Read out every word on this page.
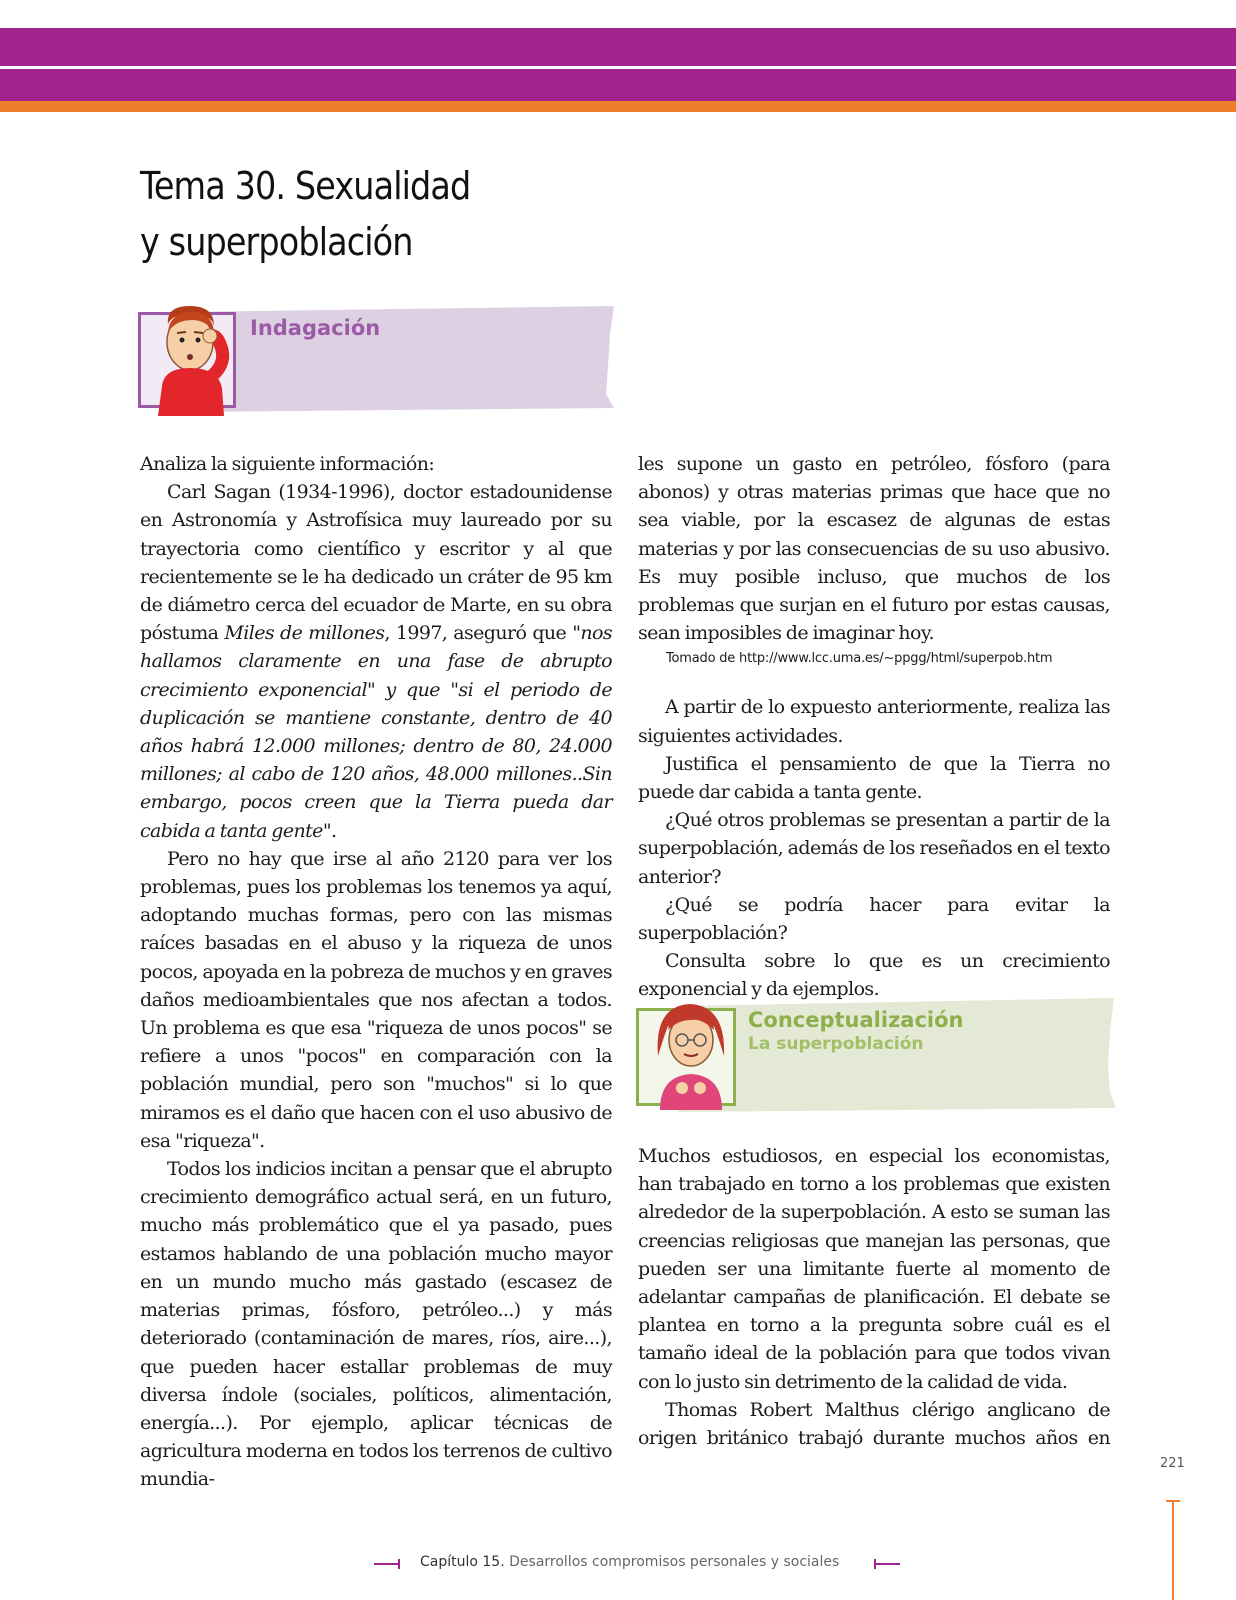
Tema 30. Sexualidad
y superpoblación
Indagación

Analiza la siguiente información:

Carl Sagan (1934-1996), doctor estadounidense en Astronomía y Astrofísica muy laureado por su trayectoria como científico y escritor y al que recientemente se le ha dedicado un cráter de 95 km de diámetro cerca del ecuador de Marte, en su obra póstuma Miles de millones, 1997, aseguró que "nos hallamos claramente en una fase de abrupto crecimiento exponencial" y que "si el periodo de duplicación se mantiene constante, dentro de 40 años habrá 12.000 millones; dentro de 80, 24.000 millones; al cabo de 120 años, 48.000 millones..Sin embargo, pocos creen que la Tierra pueda dar cabida a tanta gente".

Pero no hay que irse al año 2120 para ver los problemas, pues los problemas los tenemos ya aquí, adoptando muchas formas, pero con las mismas raíces basadas en el abuso y la riqueza de unos pocos, apoyada en la pobreza de muchos y en graves daños medioambientales que nos afectan a todos. Un problema es que esa "riqueza de unos pocos" se refiere a unos "pocos" en comparación con la población mundial, pero son "muchos" si lo que miramos es el daño que hacen con el uso abusivo de esa "riqueza".

Todos los indicios incitan a pensar que el abrupto crecimiento demográfico actual será, en un futuro, mucho más problemático que el ya pasado, pues estamos hablando de una población mucho mayor en un mundo mucho más gastado (escasez de materias primas, fósforo, petróleo...) y más deteriorado (contaminación de mares, ríos, aire...), que pueden hacer estallar problemas de muy diversa índole (sociales, políticos, alimentación, energía...). Por ejemplo, aplicar técnicas de agricultura moderna en todos los terrenos de cultivo mundia-

les supone un gasto en petróleo, fósforo (para abonos) y otras materias primas que hace que no sea viable, por la escasez de algunas de estas materias y por las consecuencias de su uso abusivo. Es muy posible incluso, que muchos de los problemas que surjan en el futuro por estas causas, sean imposibles de imaginar hoy.

Tomado de http://www.lcc.uma.es/~ppgg/html/superpob.htm

A partir de lo expuesto anteriormente, realiza las siguientes actividades.

Justifica el pensamiento de que la Tierra no puede dar cabida a tanta gente.

¿Qué otros problemas se presentan a partir de la superpoblación, además de los reseñados en el texto anterior?

¿Qué se podría hacer para evitar la superpoblación?

Consulta sobre lo que es un crecimiento exponencial y da ejemplos.

Conceptualización
La superpoblación

Muchos estudiosos, en especial los economistas, han trabajado en torno a los problemas que existen alrededor de la superpoblación. A esto se suman las creencias religiosas que manejan las personas, que pueden ser una limitante fuerte al momento de adelantar campañas de planificación. El debate se plantea en torno a la pregunta sobre cuál es el tamaño ideal de la población para que todos vivan con lo justo sin detrimento de la calidad de vida.

Thomas Robert Malthus clérigo anglicano de origen británico trabajó durante muchos años en

221
Capítulo 15. Desarrollos compromisos personales y sociales
